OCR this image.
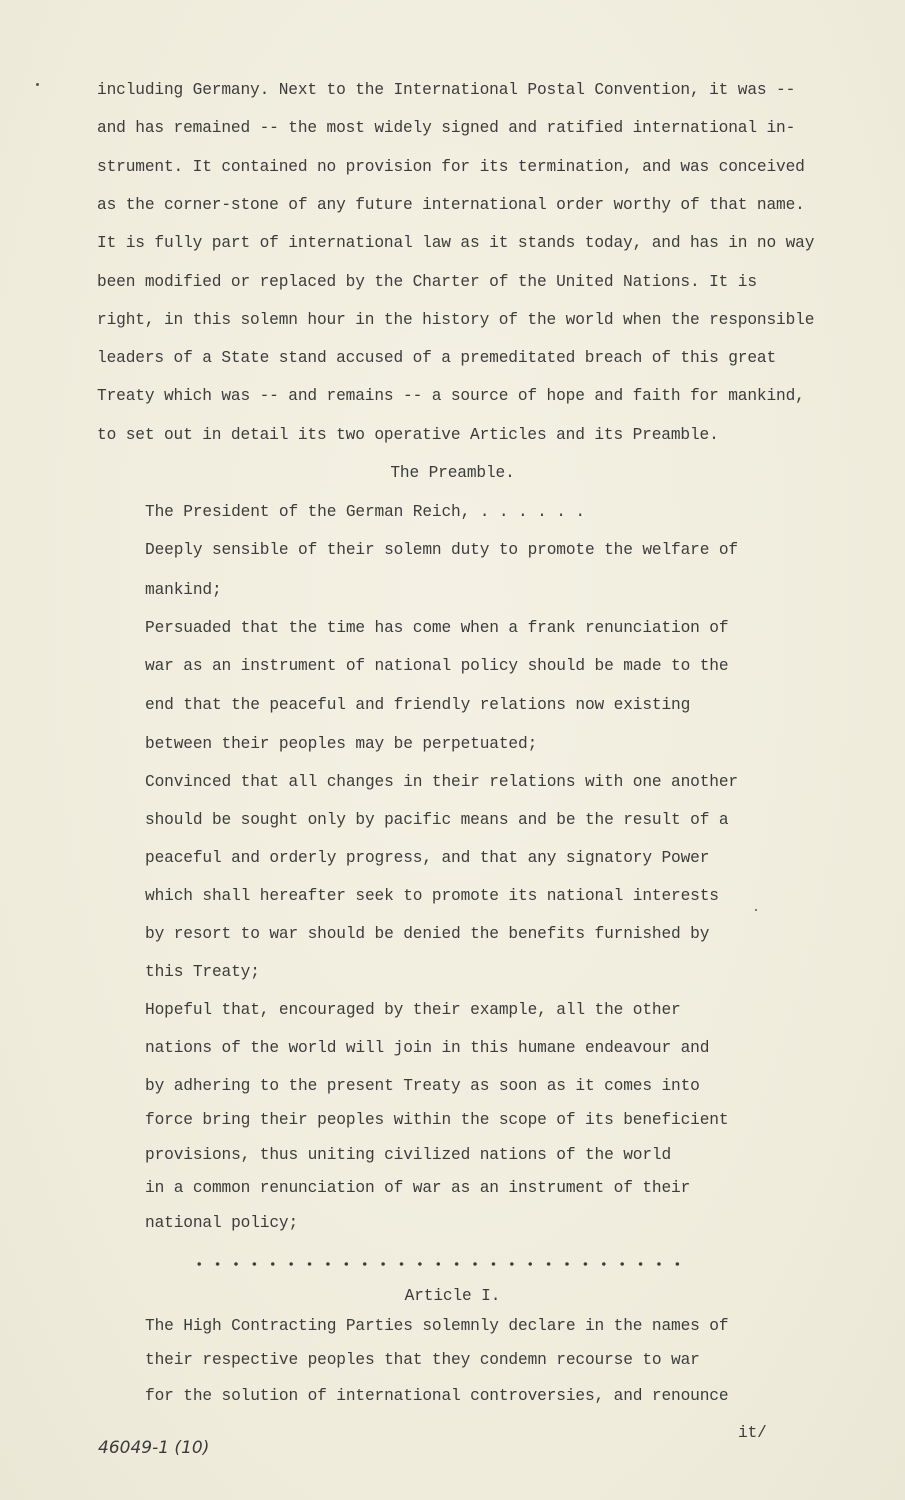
including Germany. Next to the International Postal Convention, it was --
and has remained -- the most widely signed and ratified international in-
strument. It contained no provision for its termination, and was conceived
as the corner-stone of any future international order worthy of that name.
It is fully part of international law as it stands today, and has in no way
been modified or replaced by the Charter of the United Nations. It is
right, in this solemn hour in the history of the world when the responsible
leaders of a State stand accused of a premeditated breach of this great
Treaty which was -- and remains -- a source of hope and faith for mankind,
to set out in detail its two operative Articles and its Preamble.
The Preamble.
The President of the German Reich, . . . . . .
Deeply sensible of their solemn duty to promote the welfare of
mankind;
Persuaded that the time has come when a frank renunciation of
war as an instrument of national policy should be made to the
end that the peaceful and friendly relations now existing
between their peoples may be perpetuated;
Convinced that all changes in their relations with one another
should be sought only by pacific means and be the result of a
peaceful and orderly progress, and that any signatory Power
which shall hereafter seek to promote its national interests
by resort to war should be denied the benefits furnished by
this Treaty;
Hopeful that, encouraged by their example, all the other
nations of the world will join in this humane endeavour and
by adhering to the present Treaty as soon as it comes into
force bring their peoples within the scope of its beneficient
provisions, thus uniting civilized nations of the world
in a common renunciation of war as an instrument of their
national policy;
Article I.
The High Contracting Parties solemnly declare in the names of
their respective peoples that they condemn recourse to war
for the solution of international controversies, and renounce
it/
46049-1 (10)
